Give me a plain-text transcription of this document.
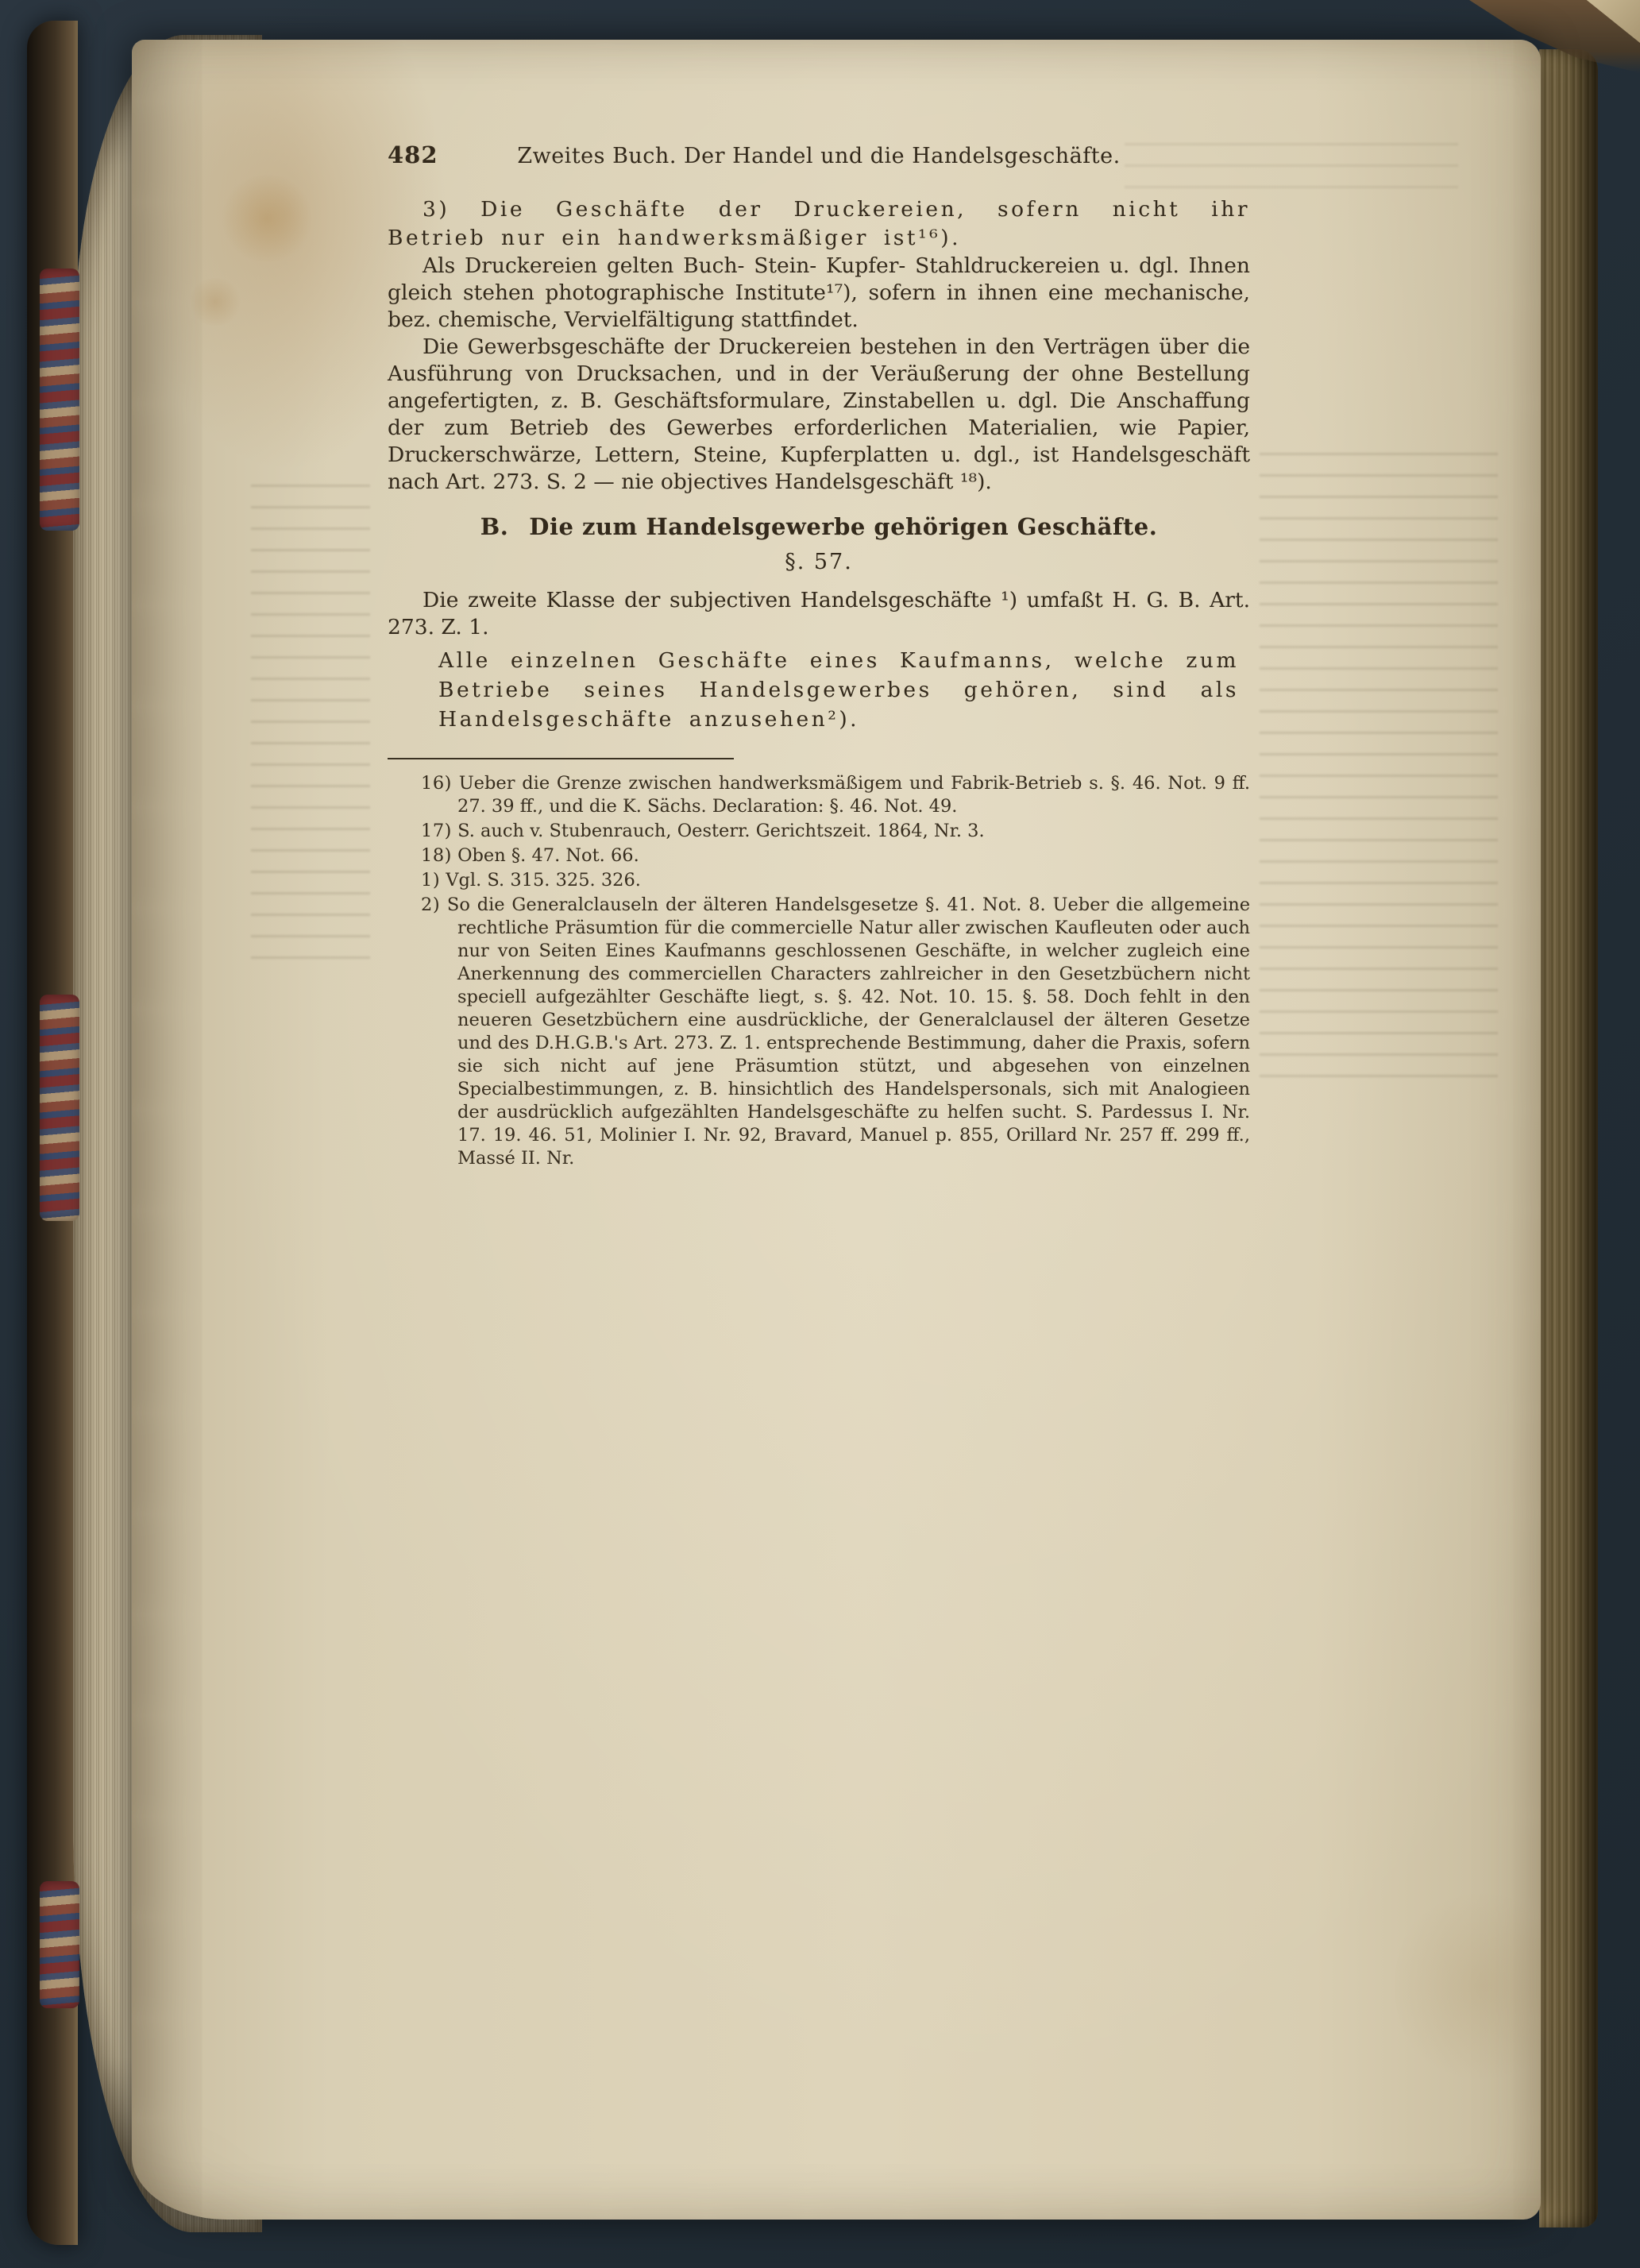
482	Zweites Buch. Der Handel und die Handelsgeschäfte.

3) Die Geschäfte der Druckereien, sofern nicht ihr Betrieb nur ein handwerksmäßiger ist¹⁶).

Als Druckereien gelten Buch- Stein- Kupfer- Stahldruckereien u. dgl. Ihnen gleich stehen photographische Institute¹⁷), sofern in ihnen eine mechanische, bez. chemische, Vervielfältigung stattfindet.

Die Gewerbsgeschäfte der Druckereien bestehen in den Verträgen über die Ausführung von Drucksachen, und in der Veräußerung der ohne Bestellung angefertigten, z. B. Geschäftsformulare, Zinstabellen u. dgl. Die Anschaffung der zum Betrieb des Gewerbes erforderlichen Materialien, wie Papier, Druckerschwärze, Lettern, Steine, Kupferplatten u. dgl., ist Handelsgeschäft nach Art. 273. S. 2 — nie objectives Handelsgeschäft ¹⁸).

B. Die zum Handelsgewerbe gehörigen Geschäfte.
§. 57.

Die zweite Klasse der subjectiven Handelsgeschäfte ¹) umfaßt H. G. B. Art. 273. Z. 1.

Alle einzelnen Geschäfte eines Kaufmanns, welche zum Betriebe seines Handelsgewerbes gehören, sind als Handelsgeschäfte anzusehen²).

16) Ueber die Grenze zwischen handwerksmäßigem und Fabrik-Betrieb s. §. 46. Not. 9 ff. 27. 39 ff., und die K. Sächs. Declaration: §. 46. Not. 49.
17) S. auch v. Stubenrauch, Oesterr. Gerichtszeit. 1864, Nr. 3.
18) Oben §. 47. Not. 66.
1) Vgl. S. 315. 325. 326.
2) So die Generalclauseln der älteren Handelsgesetze §. 41. Not. 8. Ueber die allgemeine rechtliche Präsumtion für die commercielle Natur aller zwischen Kaufleuten oder auch nur von Seiten Eines Kaufmanns geschlossenen Geschäfte, in welcher zugleich eine Anerkennung des commerciellen Characters zahlreicher in den Gesetzbüchern nicht speciell aufgezählter Geschäfte liegt, s. §. 42. Not. 10. 15. §. 58. Doch fehlt in den neueren Gesetzbüchern eine ausdrückliche, der Generalclausel der älteren Gesetze und des D.H.G.B.'s Art. 273. Z. 1. entsprechende Bestimmung, daher die Praxis, sofern sie sich nicht auf jene Präsumtion stützt, und abgesehen von einzelnen Specialbestimmungen, z. B. hinsichtlich des Handelspersonals, sich mit Analogieen der ausdrücklich aufgezählten Handelsgeschäfte zu helfen sucht. S. Pardessus I. Nr. 17. 19. 46. 51, Molinier I. Nr. 92, Bravard, Manuel p. 855, Orillard Nr. 257 ff. 299 ff., Massé II. Nr.
